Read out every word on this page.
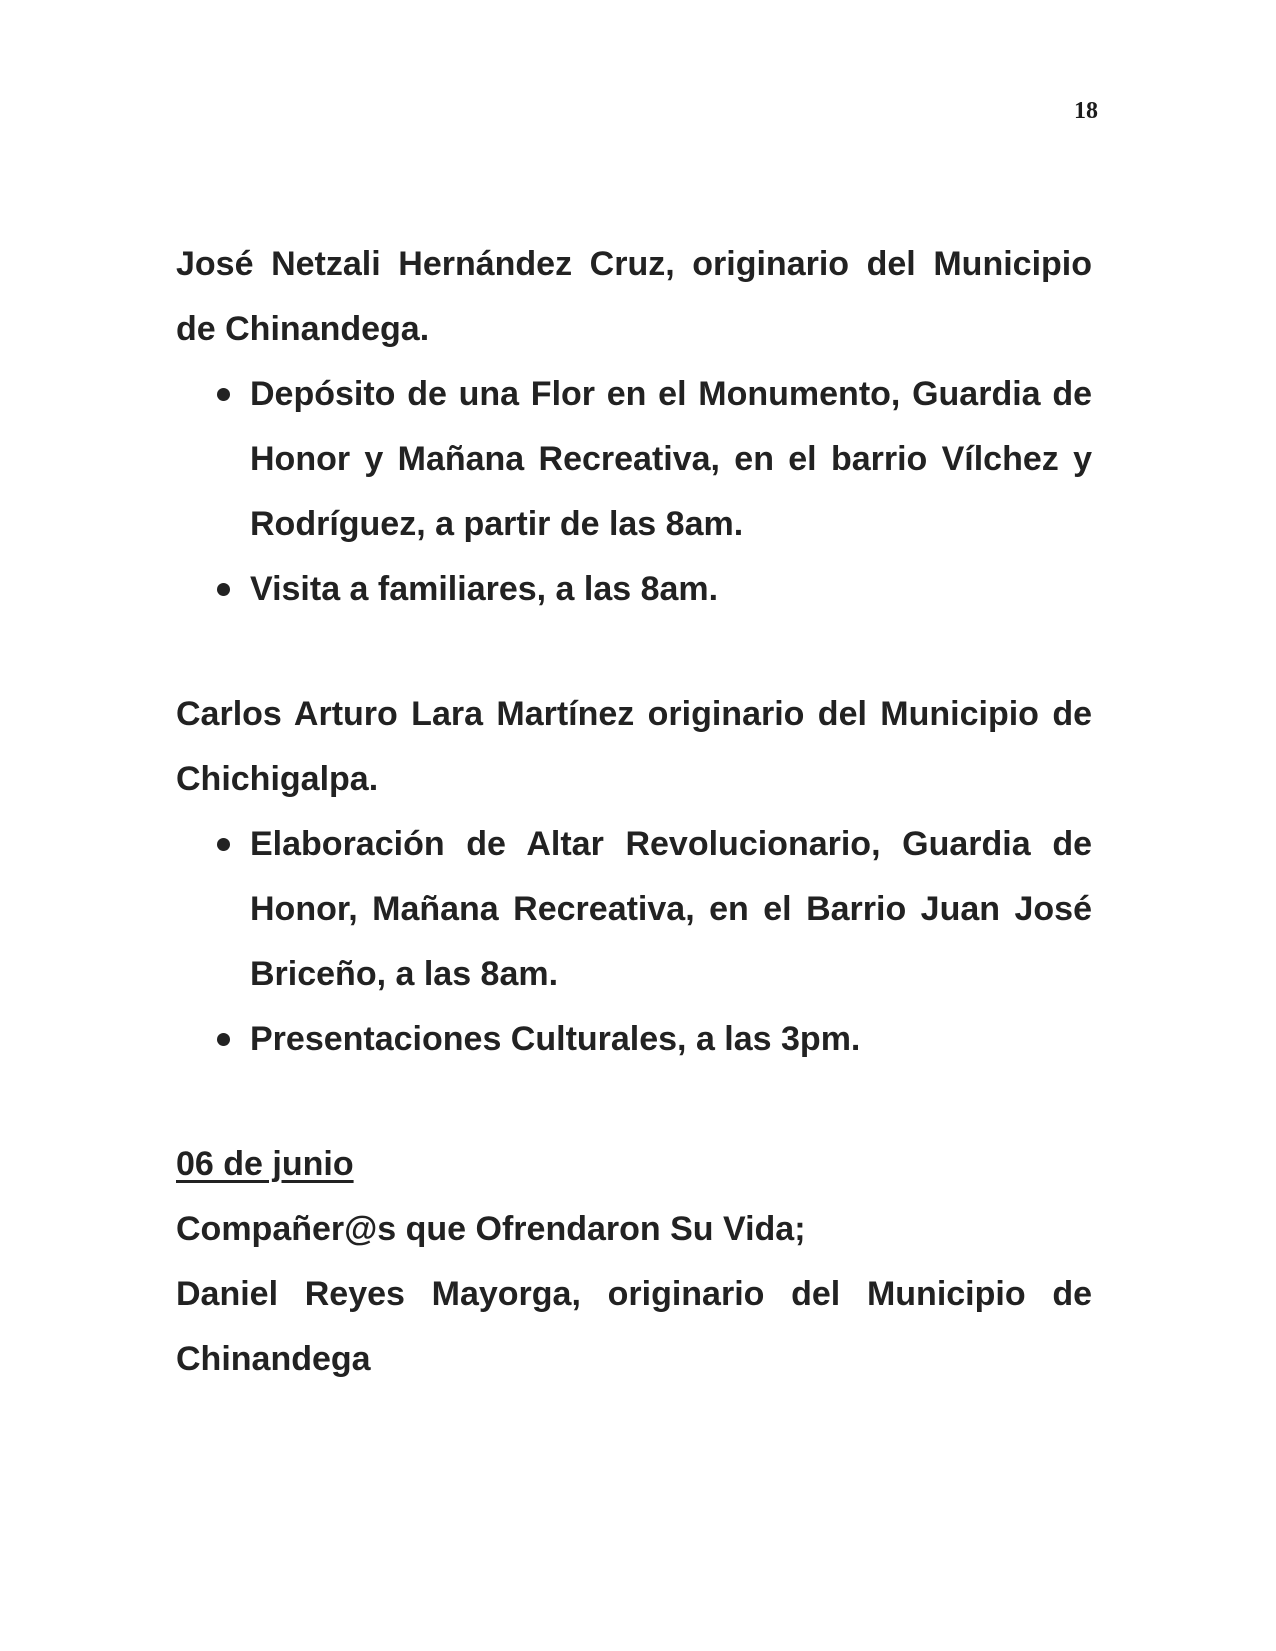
18

José Netzali Hernández Cruz, originario del Municipio de Chinandega.

Depósito de una Flor en el Monumento, Guardia de Honor y Mañana Recreativa, en el barrio Vílchez y Rodríguez, a partir de las 8am.
Visita a familiares, a las 8am.

Carlos Arturo Lara Martínez originario del Municipio de Chichigalpa.

Elaboración de Altar Revolucionario, Guardia de Honor, Mañana Recreativa, en el Barrio Juan José Briceño, a las 8am.
Presentaciones Culturales, a las 3pm.

06 de junio

Compañer@s que Ofrendaron Su Vida;

Daniel Reyes Mayorga, originario del Municipio de Chinandega
